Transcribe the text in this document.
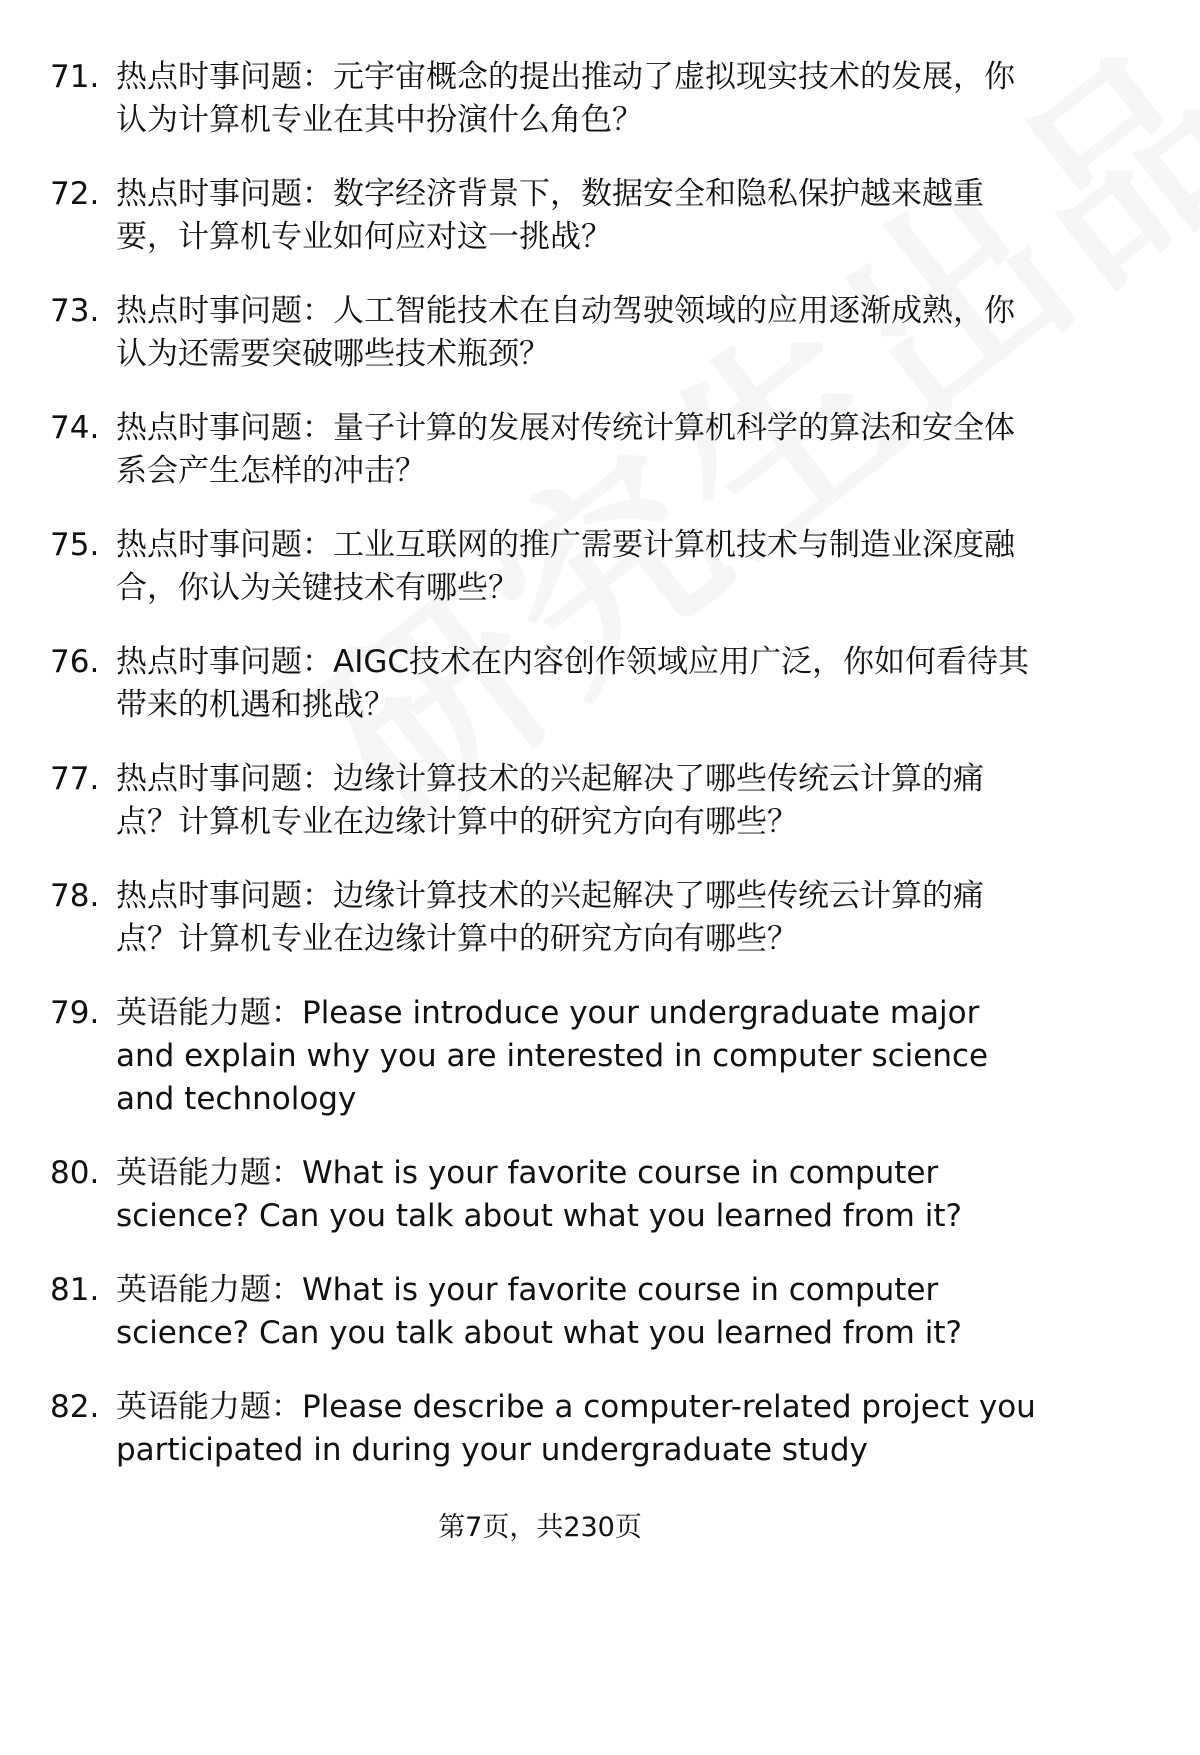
71. 热点时事问题：元宇宙概念的提出推动了虚拟现实技术的发展，你认为计算机专业在其中扮演什么角色？
72. 热点时事问题：数字经济背景下，数据安全和隐私保护越来越重要，计算机专业如何应对这一挑战？
73. 热点时事问题：人工智能技术在自动驾驶领域的应用逐渐成熟，你认为还需要突破哪些技术瓶颈？
74. 热点时事问题：量子计算的发展对传统计算机科学的算法和安全体系会产生怎样的冲击？
75. 热点时事问题：工业互联网的推广需要计算机技术与制造业深度融合，你认为关键技术有哪些？
76. 热点时事问题：AIGC技术在内容创作领域应用广泛，你如何看待其带来的机遇和挑战？
77. 热点时事问题：边缘计算技术的兴起解决了哪些传统云计算的痛点？计算机专业在边缘计算中的研究方向有哪些？
78. 热点时事问题：边缘计算技术的兴起解决了哪些传统云计算的痛点？计算机专业在边缘计算中的研究方向有哪些？
79. 英语能力题：Please introduce your undergraduate major and explain why you are interested in computer science and technology
80. 英语能力题：What is your favorite course in computer science? Can you talk about what you learned from it?
81. 英语能力题：What is your favorite course in computer science? Can you talk about what you learned from it?
82. 英语能力题：Please describe a computer-related project you participated in during your undergraduate study
第7页，共230页
